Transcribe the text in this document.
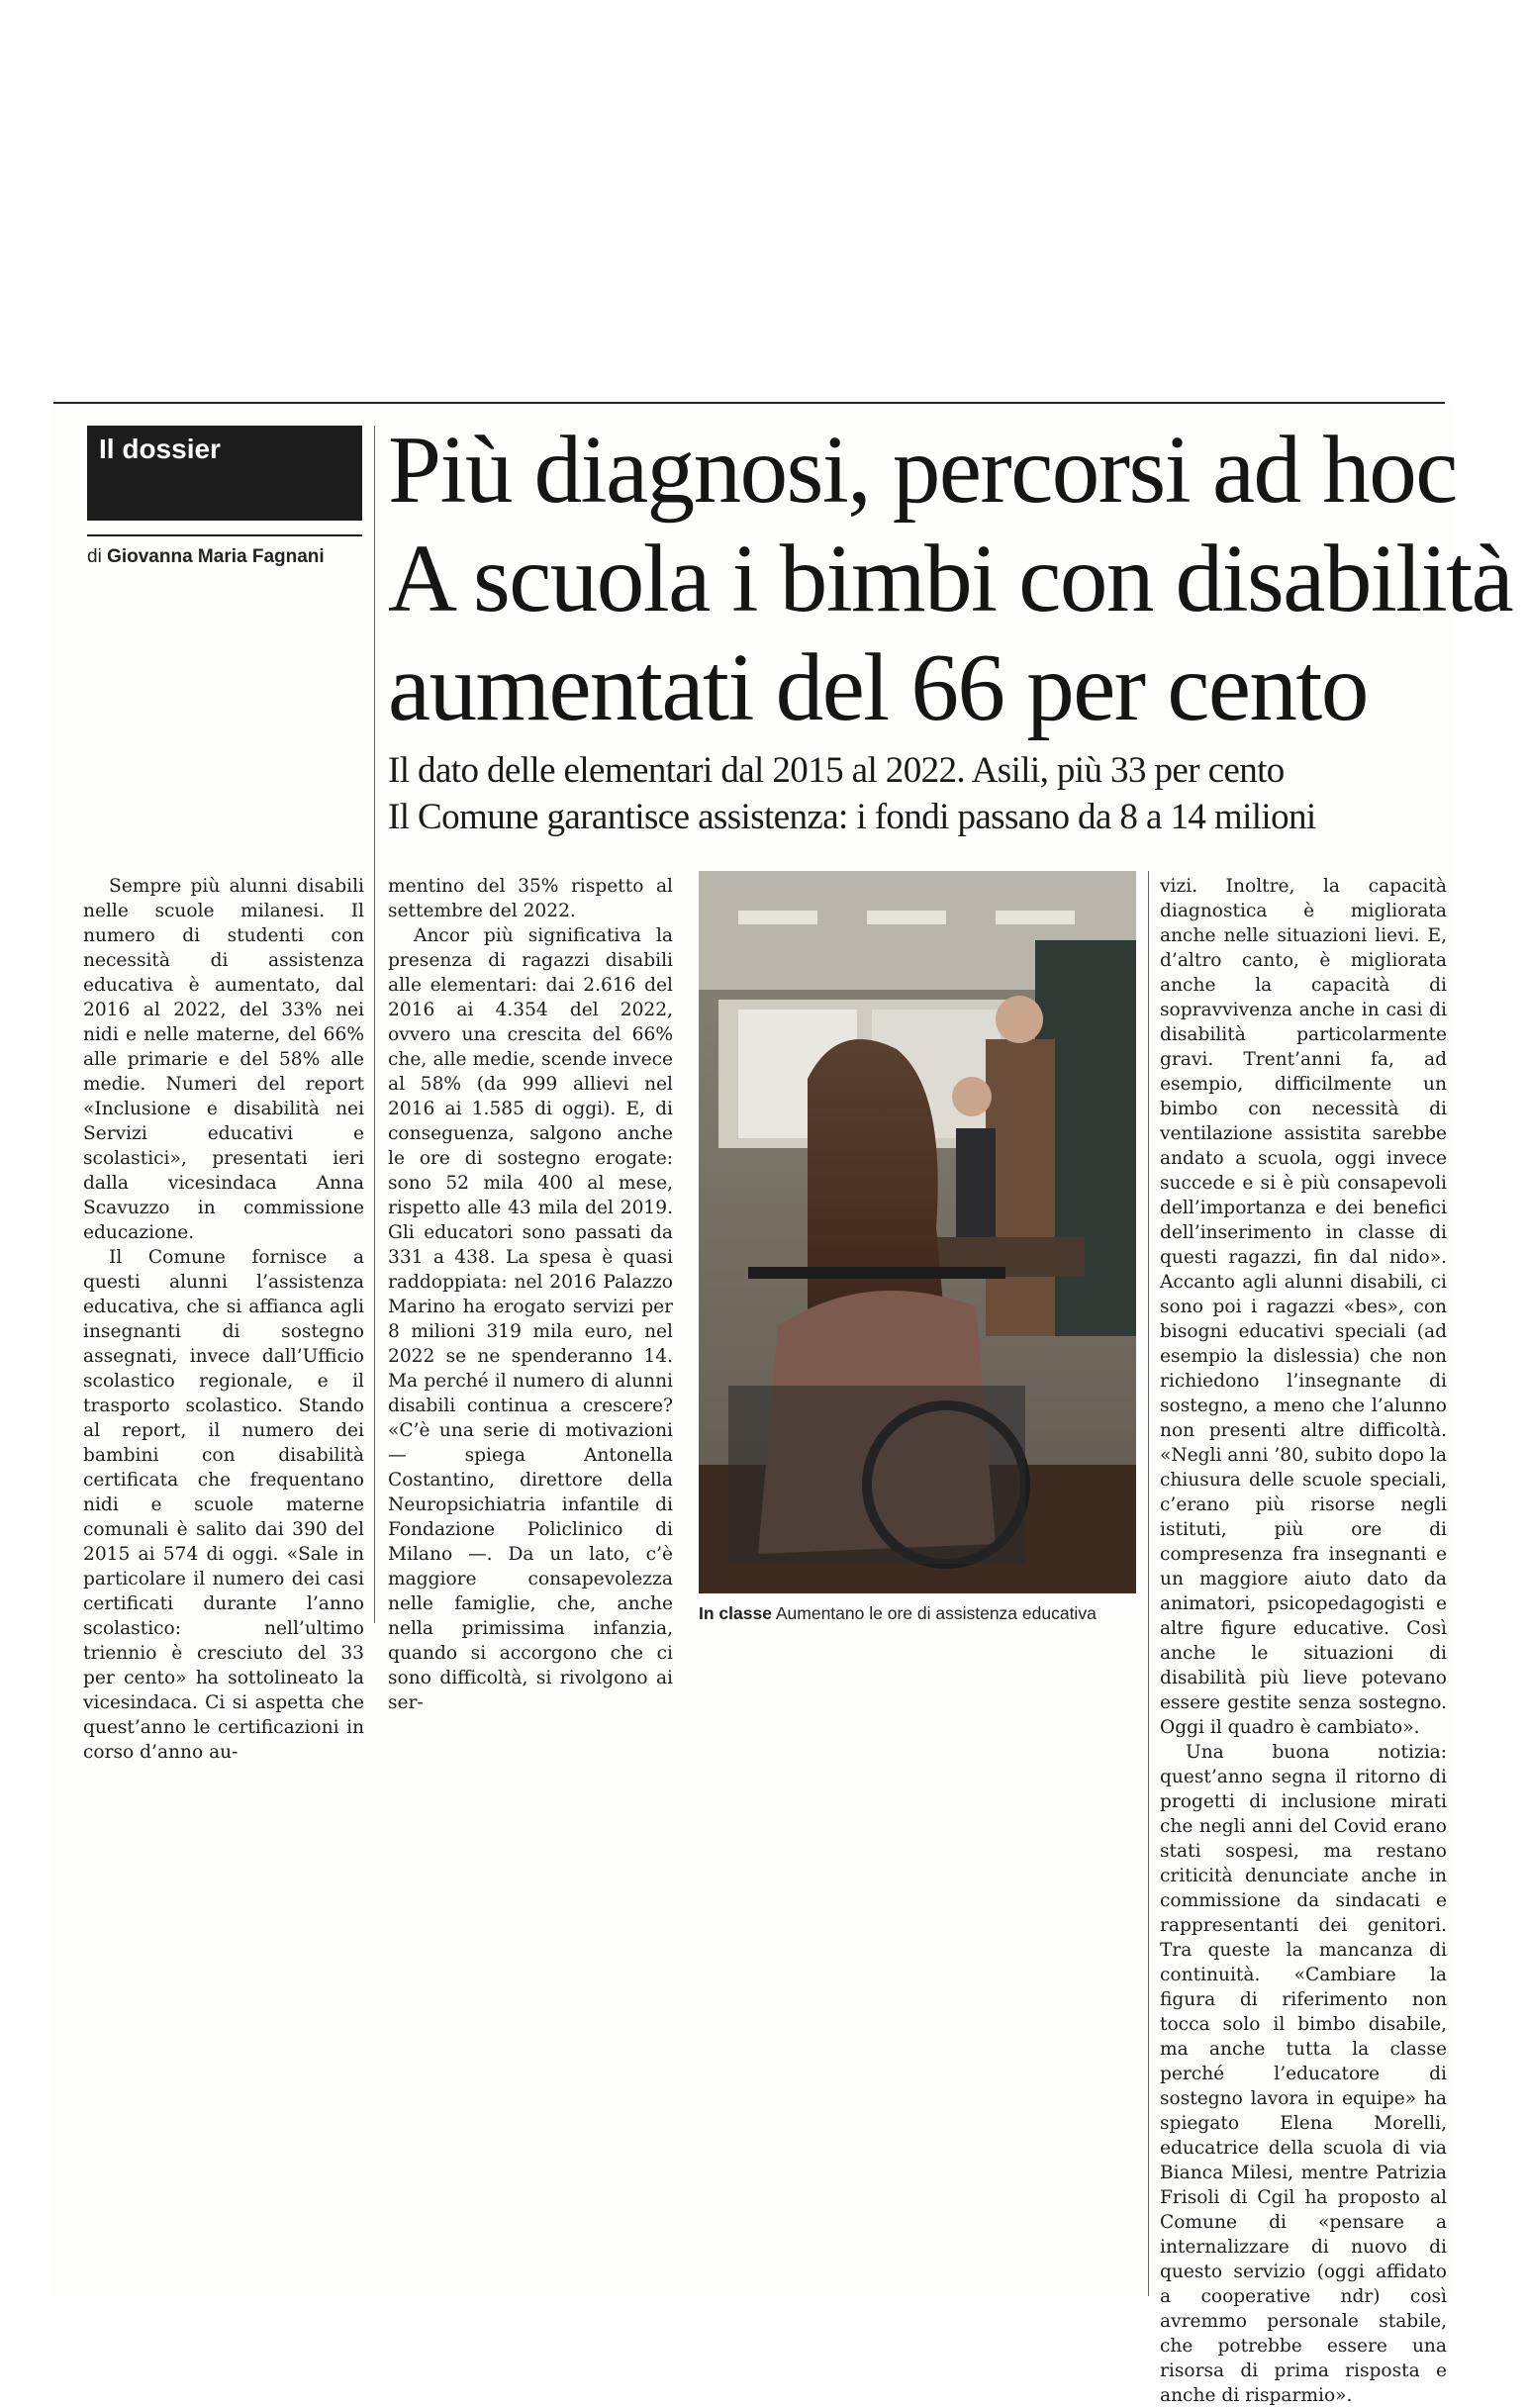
Il dossier
di Giovanna Maria Fagnani
Più diagnosi, percorsi ad hoc
A scuola i bimbi con disabilità
aumentati del 66 per cento
Il dato delle elementari dal 2015 al 2022. Asili, più 33 per cento
Il Comune garantisce assistenza: i fondi passano da 8 a 14 milioni

Sempre più alunni disabili nelle scuole milanesi. Il numero di studenti con necessità di assistenza educativa è aumentato, dal 2016 al 2022, del 33% nei nidi e nelle materne, del 66% alle primarie e del 58% alle medie. Numeri del report «Inclusione e disabilità nei Servizi educativi e scolastici», presentati ieri dalla vicesindaca Anna Scavuzzo in commissione educazione.

Il Comune fornisce a questi alunni l’assistenza educativa, che si affianca agli insegnanti di sostegno assegnati, invece dall’Ufficio scolastico regionale, e il trasporto scolastico. Stando al report, il numero dei bambini con disabilità certificata che frequentano nidi e scuole materne comunali è salito dai 390 del 2015 ai 574 di oggi. «Sale in particolare il numero dei casi certificati durante l’anno scolastico: nell’ultimo triennio è cresciuto del 33 per cento» ha sottolineato la vicesindaca. Ci si aspetta che quest’anno le certificazioni in corso d’anno au-

mentino del 35% rispetto al settembre del 2022.

Ancor più significativa la presenza di ragazzi disabili alle elementari: dai 2.616 del 2016 ai 4.354 del 2022, ovvero una crescita del 66% che, alle medie, scende invece al 58% (da 999 allievi nel 2016 ai 1.585 di oggi). E, di conseguenza, salgono anche le ore di sostegno erogate: sono 52 mila 400 al mese, rispetto alle 43 mila del 2019. Gli educatori sono passati da 331 a 438. La spesa è quasi raddoppiata: nel 2016 Palazzo Marino ha erogato servizi per 8 milioni 319 mila euro, nel 2022 se ne spenderanno 14. Ma perché il numero di alunni disabili continua a crescere? «C’è una serie di motivazioni — spiega Antonella Costantino, direttore della Neuropsichiatria infantile di Fondazione Policlinico di Milano —. Da un lato, c’è maggiore consapevolezza nelle famiglie, che, anche nella primissima infanzia, quando si accorgono che ci sono difficoltà, si rivolgono ai ser-

In classe Aumentano le ore di assistenza educativa

vizi. Inoltre, la capacità diagnostica è migliorata anche nelle situazioni lievi. E, d’altro canto, è migliorata anche la capacità di sopravvivenza anche in casi di disabilità particolarmente gravi. Trent’anni fa, ad esempio, difficilmente un bimbo con necessità di ventilazione assistita sarebbe andato a scuola, oggi invece succede e si è più consapevoli dell’importanza e dei benefici dell’inserimento in classe di questi ragazzi, fin dal nido». Accanto agli alunni disabili, ci sono poi i ragazzi «bes», con bisogni educativi speciali (ad esempio la dislessia) che non richiedono l’insegnante di sostegno, a meno che l’alunno non presenti altre difficoltà. «Negli anni ’80, subito dopo la chiusura delle scuole speciali, c’erano più risorse negli istituti, più ore di compresenza fra insegnanti e un maggiore aiuto dato da animatori, psicopedagogisti e altre figure educative. Così anche le situazioni di disabilità più lieve potevano essere gestite senza sostegno. Oggi il quadro è cambiato».

Una buona notizia: quest’anno segna il ritorno di progetti di inclusione mirati che negli anni del Covid erano stati sospesi, ma restano criticità denunciate anche in commissione da sindacati e rappresentanti dei genitori. Tra queste la mancanza di continuità. «Cambiare la figura di riferimento non tocca solo il bimbo disabile, ma anche tutta la classe perché l’educatore di sostegno lavora in equipe» ha spiegato Elena Morelli, educatrice della scuola di via Bianca Milesi, mentre Patrizia Frisoli di Cgil ha proposto al Comune di «pensare a internalizzare di nuovo di questo servizio (oggi affidato a cooperative ndr) così avremmo personale stabile, che potrebbe essere una risorsa di prima risposta e anche di risparmio».
